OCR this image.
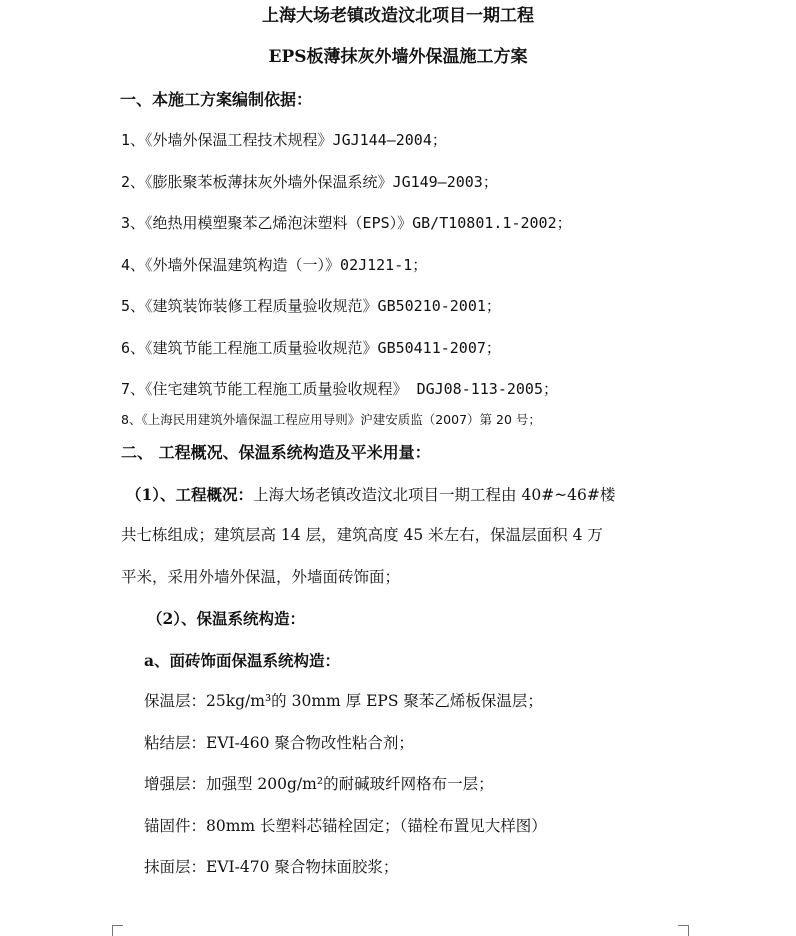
上海大场老镇改造汶北项目一期工程
EPS板薄抹灰外墙外保温施工方案
一、本施工方案编制依据：
1、《外墙外保温工程技术规程》JGJ144—2004；
2、《膨胀聚苯板薄抹灰外墙外保温系统》JG149—2003；
3、《绝热用模塑聚苯乙烯泡沫塑料（EPS）》GB/T10801.1-2002；
4、《外墙外保温建筑构造（一）》02J121-1；
5、《建筑装饰装修工程质量验收规范》GB50210-2001；
6、《建筑节能工程施工质量验收规范》GB50411-2007；
7、《住宅建筑节能工程施工质量验收规程》 DGJ08-113-2005；
8、《上海民用建筑外墙保温工程应用导则》沪建安质监（2007）第 20 号；
二、 工程概况、保温系统构造及平米用量：
（1）、工程概况：上海大场老镇改造汶北项目一期工程由 40#~46#楼
共七栋组成；建筑层高 14 层，建筑高度 45 米左右，保温层面积 4 万
平米，采用外墙外保温，外墙面砖饰面；
（2）、保温系统构造：
a、面砖饰面保温系统构造：
保温层：25kg/m³的 30mm 厚 EPS 聚苯乙烯板保温层；
粘结层：EVI-460 聚合物改性粘合剂；
增强层：加强型 200g/m²的耐碱玻纤网格布一层；
锚固件：80mm 长塑料芯锚栓固定；（锚栓布置见大样图）
抹面层：EVI-470 聚合物抹面胶浆；
